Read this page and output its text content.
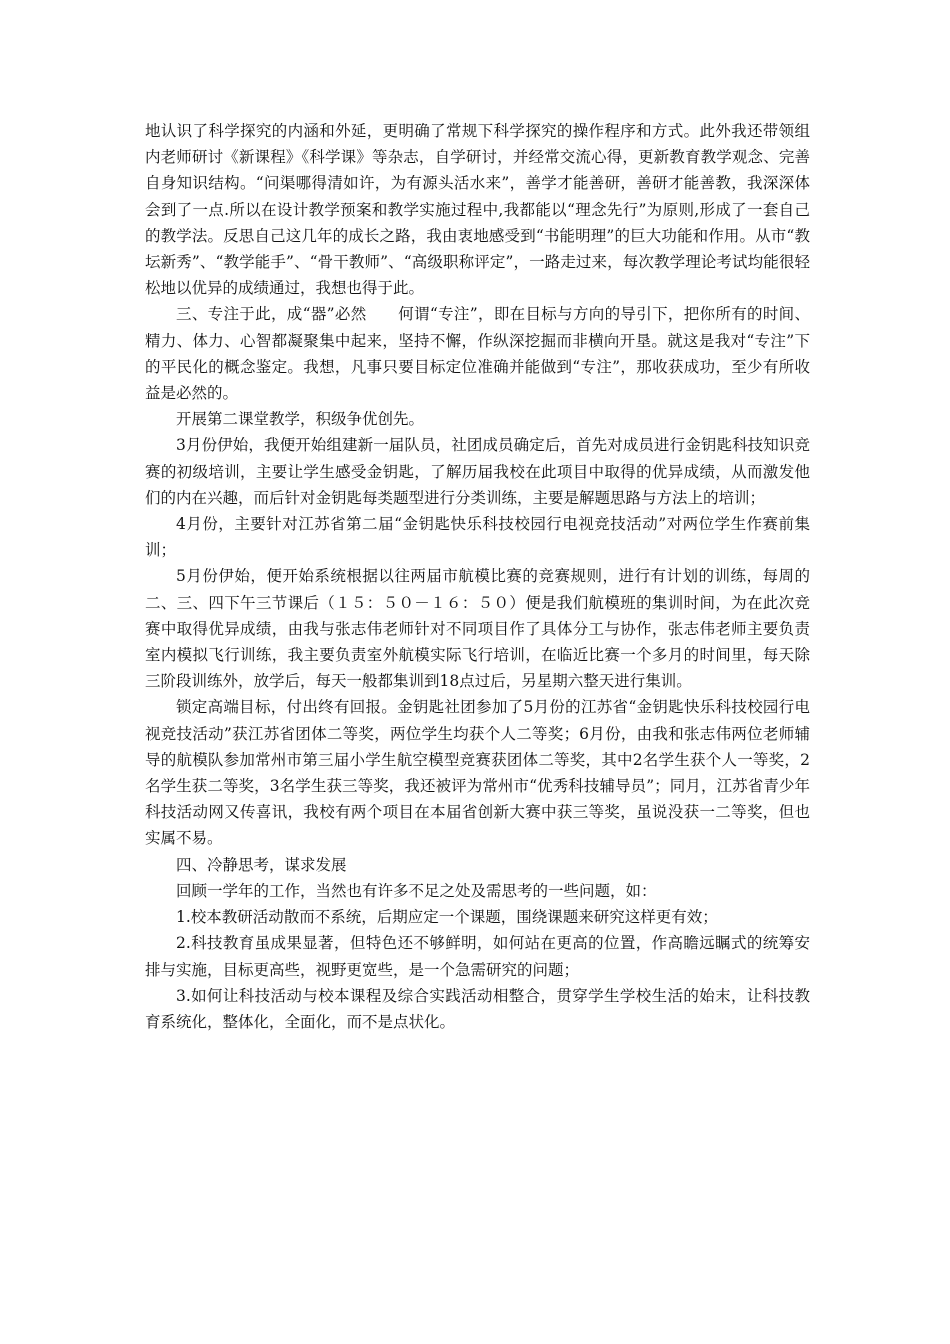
地认识了科学探究的内涵和外延，更明确了常规下科学探究的操作程序和方式。此外我还带领组内老师研讨《新课程》《科学课》等杂志，自学研讨，并经常交流心得，更新教育教学观念、完善自身知识结构。“问渠哪得清如许，为有源头活水来”，善学才能善研，善研才能善教，我深深体会到了一点.所以在设计教学预案和教学实施过程中,我都能以“理念先行”为原则,形成了一套自己的教学法。反思自己这几年的成长之路，我由衷地感受到“书能明理”的巨大功能和作用。从市“教坛新秀”、“教学能手”、“骨干教师”、“高级职称评定”，一路走过来，每次教学理论考试均能很轻松地以优异的成绩通过，我想也得于此。

三、专注于此，成“器”必然　　何谓“专注”，即在目标与方向的导引下，把你所有的时间、精力、体力、心智都凝聚集中起来，坚持不懈，作纵深挖掘而非横向开垦。就这是我对“专注”下的平民化的概念鉴定。我想，凡事只要目标定位准确并能做到“专注”，那收获成功，至少有所收益是必然的。

开展第二课堂教学，积级争优创先。

3月份伊始，我便开始组建新一届队员，社团成员确定后，首先对成员进行金钥匙科技知识竞赛的初级培训，主要让学生感受金钥匙，了解历届我校在此项目中取得的优异成绩，从而激发他们的内在兴趣，而后针对金钥匙每类题型进行分类训练，主要是解题思路与方法上的培训；

4月份，主要针对江苏省第二届“金钥匙快乐科技校园行电视竞技活动”对两位学生作赛前集训；

5月份伊始，便开始系统根据以往两届市航模比赛的竞赛规则，进行有计划的训练，每周的二、三、四下午三节课后（１５：５０－１６：５０）便是我们航模班的集训时间，为在此次竞赛中取得优异成绩，由我与张志伟老师针对不同项目作了具体分工与协作，张志伟老师主要负责室内模拟飞行训练，我主要负责室外航模实际飞行培训，在临近比赛一个多月的时间里，每天除三阶段训练外，放学后，每天一般都集训到18点过后，另星期六整天进行集训。

锁定高端目标，付出终有回报。金钥匙社团参加了5月份的江苏省“金钥匙快乐科技校园行电视竞技活动”获江苏省团体二等奖，两位学生均获个人二等奖；6月份，由我和张志伟两位老师辅导的航模队参加常州市第三届小学生航空模型竞赛获团体二等奖，其中2名学生获个人一等奖，2名学生获二等奖，3名学生获三等奖，我还被评为常州市“优秀科技辅导员”；同月，江苏省青少年科技活动网又传喜讯，我校有两个项目在本届省创新大赛中获三等奖，虽说没获一二等奖，但也实属不易。

四、冷静思考，谋求发展

回顾一学年的工作，当然也有许多不足之处及需思考的一些问题，如：

1.校本教研活动散而不系统，后期应定一个课题，围绕课题来研究这样更有效；

2.科技教育虽成果显著，但特色还不够鲜明，如何站在更高的位置，作高瞻远瞩式的统筹安排与实施，目标更高些，视野更宽些，是一个急需研究的问题；

3.如何让科技活动与校本课程及综合实践活动相整合，贯穿学生学校生活的始末，让科技教育系统化，整体化，全面化，而不是点状化。
